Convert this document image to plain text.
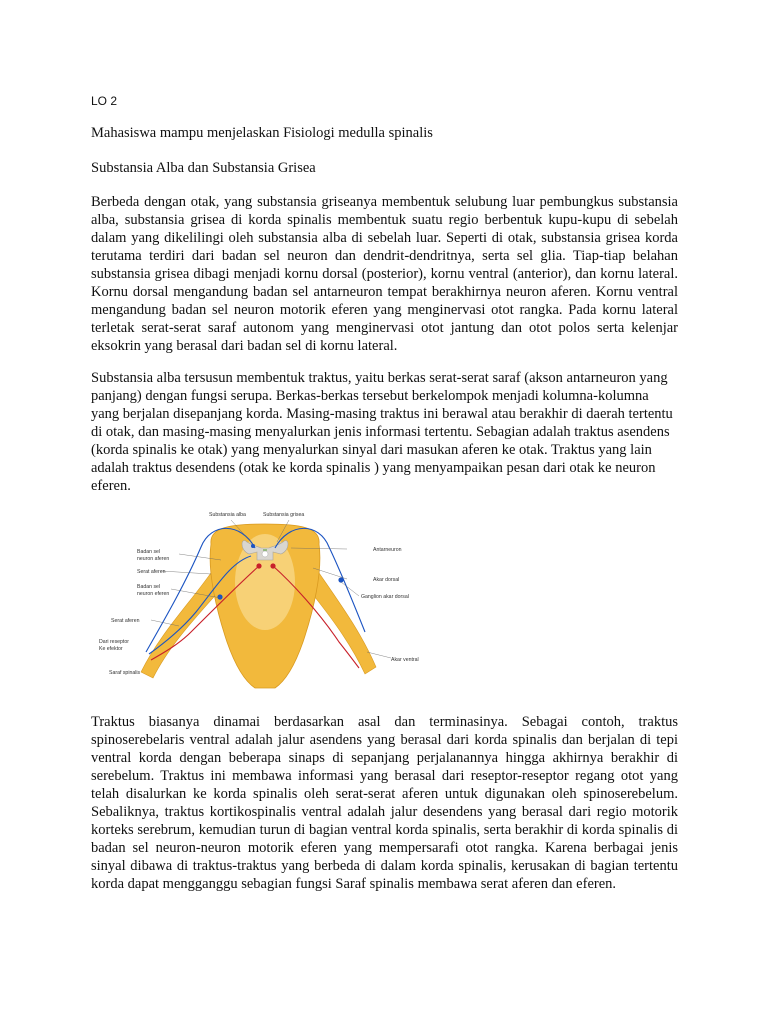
LO 2
Mahasiswa mampu menjelaskan Fisiologi medulla spinalis
Substansia Alba dan Substansia Grisea

Berbeda dengan otak, yang substansia griseanya membentuk selubung luar pembungkus substansia alba, substansia grisea di korda spinalis membentuk suatu regio berbentuk kupu-kupu di sebelah dalam yang dikelilingi oleh substansia alba di sebelah luar. Seperti di otak, substansia grisea korda terutama terdiri dari badan sel neuron dan dendrit-dendritnya, serta sel glia. Tiap-tiap belahan substansia grisea dibagi menjadi kornu dorsal (posterior), kornu ventral (anterior), dan kornu lateral. Kornu dorsal mengandung badan sel antarneuron tempat berakhirnya neuron aferen. Kornu ventral mengandung badan sel neuron motorik eferen yang menginervasi otot rangka. Pada kornu lateral terletak serat-serat saraf autonom yang menginervasi otot jantung dan otot polos serta kelenjar eksokrin yang berasal dari badan sel di kornu lateral.

Substansia alba tersusun membentuk traktus, yaitu berkas serat-serat saraf (akson antarneuron yang panjang) dengan fungsi serupa. Berkas-berkas tersebut berkelompok menjadi kolumna-kolumna yang berjalan disepanjang korda. Masing-masing traktus ini berawal atau berakhir di daerah tertentu di otak, dan masing-masing menyalurkan jenis informasi tertentu. Sebagian adalah traktus asendens (korda spinalis ke otak) yang menyalurkan sinyal dari masukan aferen ke otak. Traktus yang lain adalah traktus desendens (otak ke korda spinalis ) yang menyampaikan pesan dari otak ke neuron eferen.

Substansia alba	Substansia grisea
Badan sel
neuron aferen
Serat aferen
Badan sel
neuron eferen
Serat aferen
Dari reseptor
Ke efektor
Saraf spinalis
Antarneuron
Akar dorsal
Ganglion akar dorsal
Akar ventral

Traktus biasanya dinamai berdasarkan asal dan terminasinya. Sebagai contoh, traktus spinoserebelaris ventral adalah jalur asendens yang berasal dari korda spinalis dan berjalan di tepi ventral korda dengan beberapa sinaps di sepanjang perjalanannya hingga akhirnya berakhir di serebelum. Traktus ini membawa informasi yang berasal dari reseptor-reseptor regang otot yang telah disalurkan ke korda spinalis oleh serat-serat aferen untuk digunakan oleh spinoserebelum. Sebaliknya, traktus kortikospinalis ventral adalah jalur desendens yang berasal dari regio motorik korteks serebrum, kemudian turun di bagian ventral korda spinalis, serta berakhir di korda spinalis di badan sel neuron-neuron motorik eferen yang mempersarafi otot rangka. Karena berbagai jenis sinyal dibawa di traktus-traktus yang berbeda di dalam korda spinalis, kerusakan di bagian tertentu korda dapat mengganggu sebagian fungsi Saraf spinalis membawa serat aferen dan eferen.
